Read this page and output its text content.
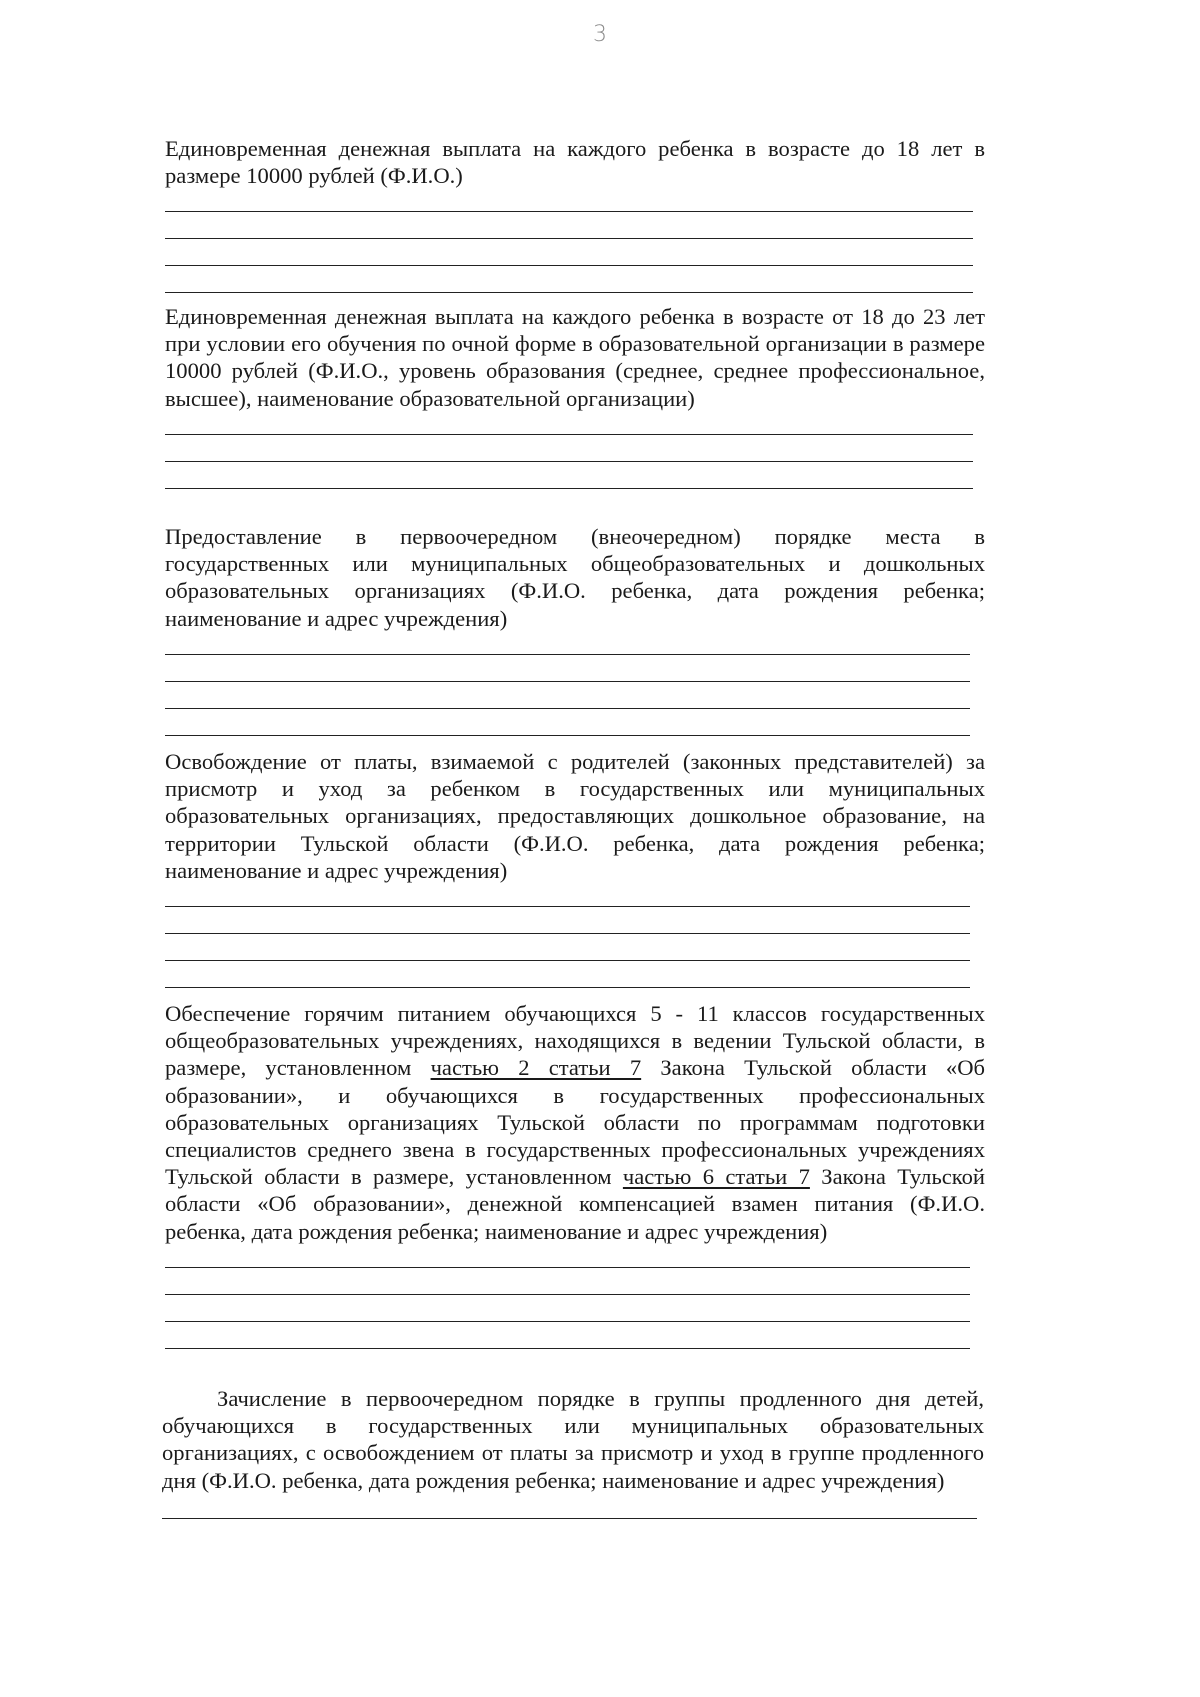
3

Единовременная денежная выплата на каждого ребенка в возрасте до 18 лет в размере 10000 рублей (Ф.И.О.)

Единовременная денежная выплата на каждого ребенка в возрасте от 18 до 23 лет при условии его обучения по очной форме в образовательной организации в размере 10000 рублей (Ф.И.О., уровень образования (среднее, среднее профессиональное, высшее), наименование образовательной организации)

Предоставление в первоочередном (внеочередном) порядке места в государственных или муниципальных общеобразовательных и дошкольных образовательных организациях (Ф.И.О. ребенка, дата рождения ребенка; наименование и адрес учреждения)

Освобождение от платы, взимаемой с родителей (законных представителей) за присмотр и уход за ребенком в государственных или муниципальных образовательных организациях, предоставляющих дошкольное образование, на территории Тульской области (Ф.И.О. ребенка, дата рождения ребенка; наименование и адрес учреждения)

Обеспечение горячим питанием обучающихся 5 - 11 классов государственных общеобразовательных учреждениях, находящихся в ведении Тульской области, в размере, установленном частью 2 статьи 7 Закона Тульской области «Об образовании», и обучающихся в государственных профессиональных образовательных организациях Тульской области по программам подготовки специалистов среднего звена в государственных профессиональных учреждениях Тульской области в размере, установленном частью 6 статьи 7 Закона Тульской области «Об образовании», денежной компенсацией взамен питания (Ф.И.О. ребенка, дата рождения ребенка; наименование и адрес учреждения)

Зачисление в первоочередном порядке в группы продленного дня детей, обучающихся в государственных или муниципальных образовательных организациях, с освобождением от платы за присмотр и уход в группе продленного дня (Ф.И.О. ребенка, дата рождения ребенка; наименование и адрес учреждения)
